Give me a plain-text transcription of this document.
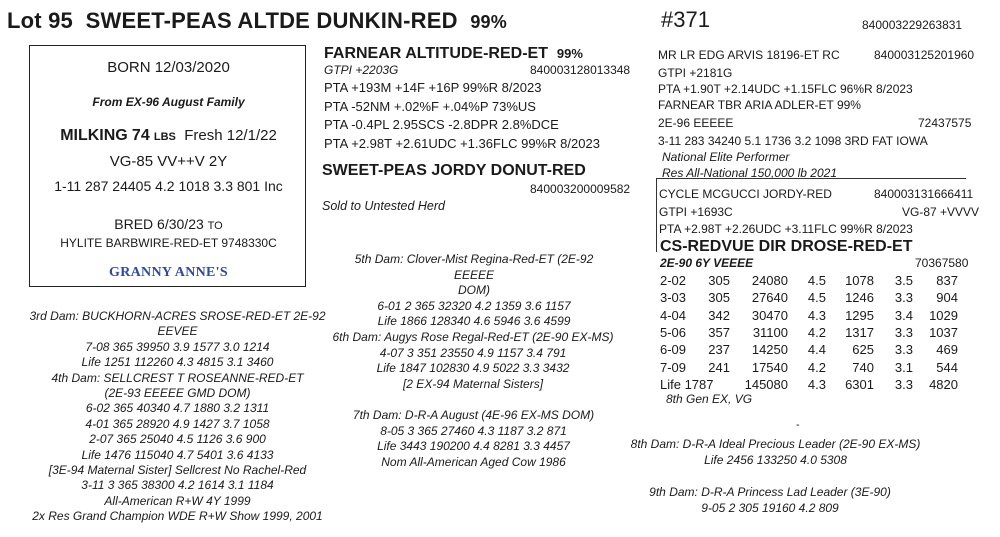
Lot 95 SWEET-PEAS ALTDE DUNKIN-RED 99%	#371	840003229263831
BORN 12/03/2020
From EX-96 August Family
MILKING 74 LBS Fresh 12/1/22
VG-85 VV++V 2Y
1-11 287 24405 4.2 1018 3.3 801 Inc
BRED 6/30/23 TO
HYLITE BARBWIRE-RED-ET 9748330C
GRANNY ANNE'S
FARNEAR ALTITUDE-RED-ET 99%
GTPI +2203G	840003128013348
PTA +193M +14F +16P 99%R 8/2023
PTA -52NM +.02%F +.04%P 73%US
PTA -0.4PL 2.95SCS -2.8DPR 2.8%DCE
PTA +2.98T +2.61UDC +1.36FLC 99%R 8/2023
SWEET-PEAS JORDY DONUT-RED
840003200009582
Sold to Untested Herd
MR LR EDG ARVIS 18196-ET RC	840003125201960
GTPI +2181G
PTA +1.90T +2.14UDC +1.15FLC 96%R 8/2023
FARNEAR TBR ARIA ADLER-ET 99%
2E-96 EEEEE	72437575
3-11 283 34240 5.1 1736 3.2 1098 3RD FAT IOWA
National Elite Performer
Res All-National 150,000 lb 2021
CYCLE MCGUCCI JORDY-RED	840003131666411
GTPI +1693C	VG-87 +VVVV
PTA +2.98T +2.26UDC +3.11FLC 99%R 8/2023
CS-REDVUE DIR DROSE-RED-ET
2E-90 6Y VEEEE	70367580
2-02	305	24080	4.5	1078	3.5	837
3-03	305	27640	4.5	1246	3.3	904
4-04	342	30470	4.3	1295	3.4	1029
5-06	357	31100	4.2	1317	3.3	1037
6-09	237	14250	4.4	625	3.3	469
7-09	241	17540	4.2	740	3.1	544
Life 1787		145080	4.3	6301	3.3	4820
8th Gen EX, VG
-
3rd Dam: BUCKHORN-ACRES SROSE-RED-ET 2E-92 EEVEE
7-08 365 39950 3.9 1577 3.0 1214
Life 1251 112260 4.3 4815 3.1 3460
4th Dam: SELLCREST T ROSEANNE-RED-ET
(2E-93 EEEEE GMD DOM)
6-02 365 40340 4.7 1880 3.2 1311
4-01 365 28920 4.9 1427 3.7 1058
2-07 365 25040 4.5 1126 3.6 900
Life 1476 115040 4.7 5401 3.6 4133
[3E-94 Maternal Sister] Sellcrest No Rachel-Red
3-11 3 365 38300 4.2 1614 3.1 1184
All-American R+W 4Y 1999
2x Res Grand Champion WDE R+W Show 1999, 2001
5th Dam: Clover-Mist Regina-Red-ET (2E-92 EEEEE
DOM)
6-01 2 365 32320 4.2 1359 3.6 1157
Life 1866 128340 4.6 5946 3.6 4599
6th Dam: Augys Rose Regal-Red-ET (2E-90 EX-MS)
4-07 3 351 23550 4.9 1157 3.4 791
Life 1847 102830 4.9 5022 3.3 3432
[2 EX-94 Maternal Sisters]
7th Dam: D-R-A August (4E-96 EX-MS DOM)
8-05 3 365 27460 4.3 1187 3.2 871
Life 3443 190200 4.4 8281 3.3 4457
Nom All-American Aged Cow 1986
8th Dam: D-R-A Ideal Precious Leader (2E-90 EX-MS)
Life 2456 133250 4.0 5308
9th Dam: D-R-A Princess Lad Leader (3E-90)
9-05 2 305 19160 4.2 809
